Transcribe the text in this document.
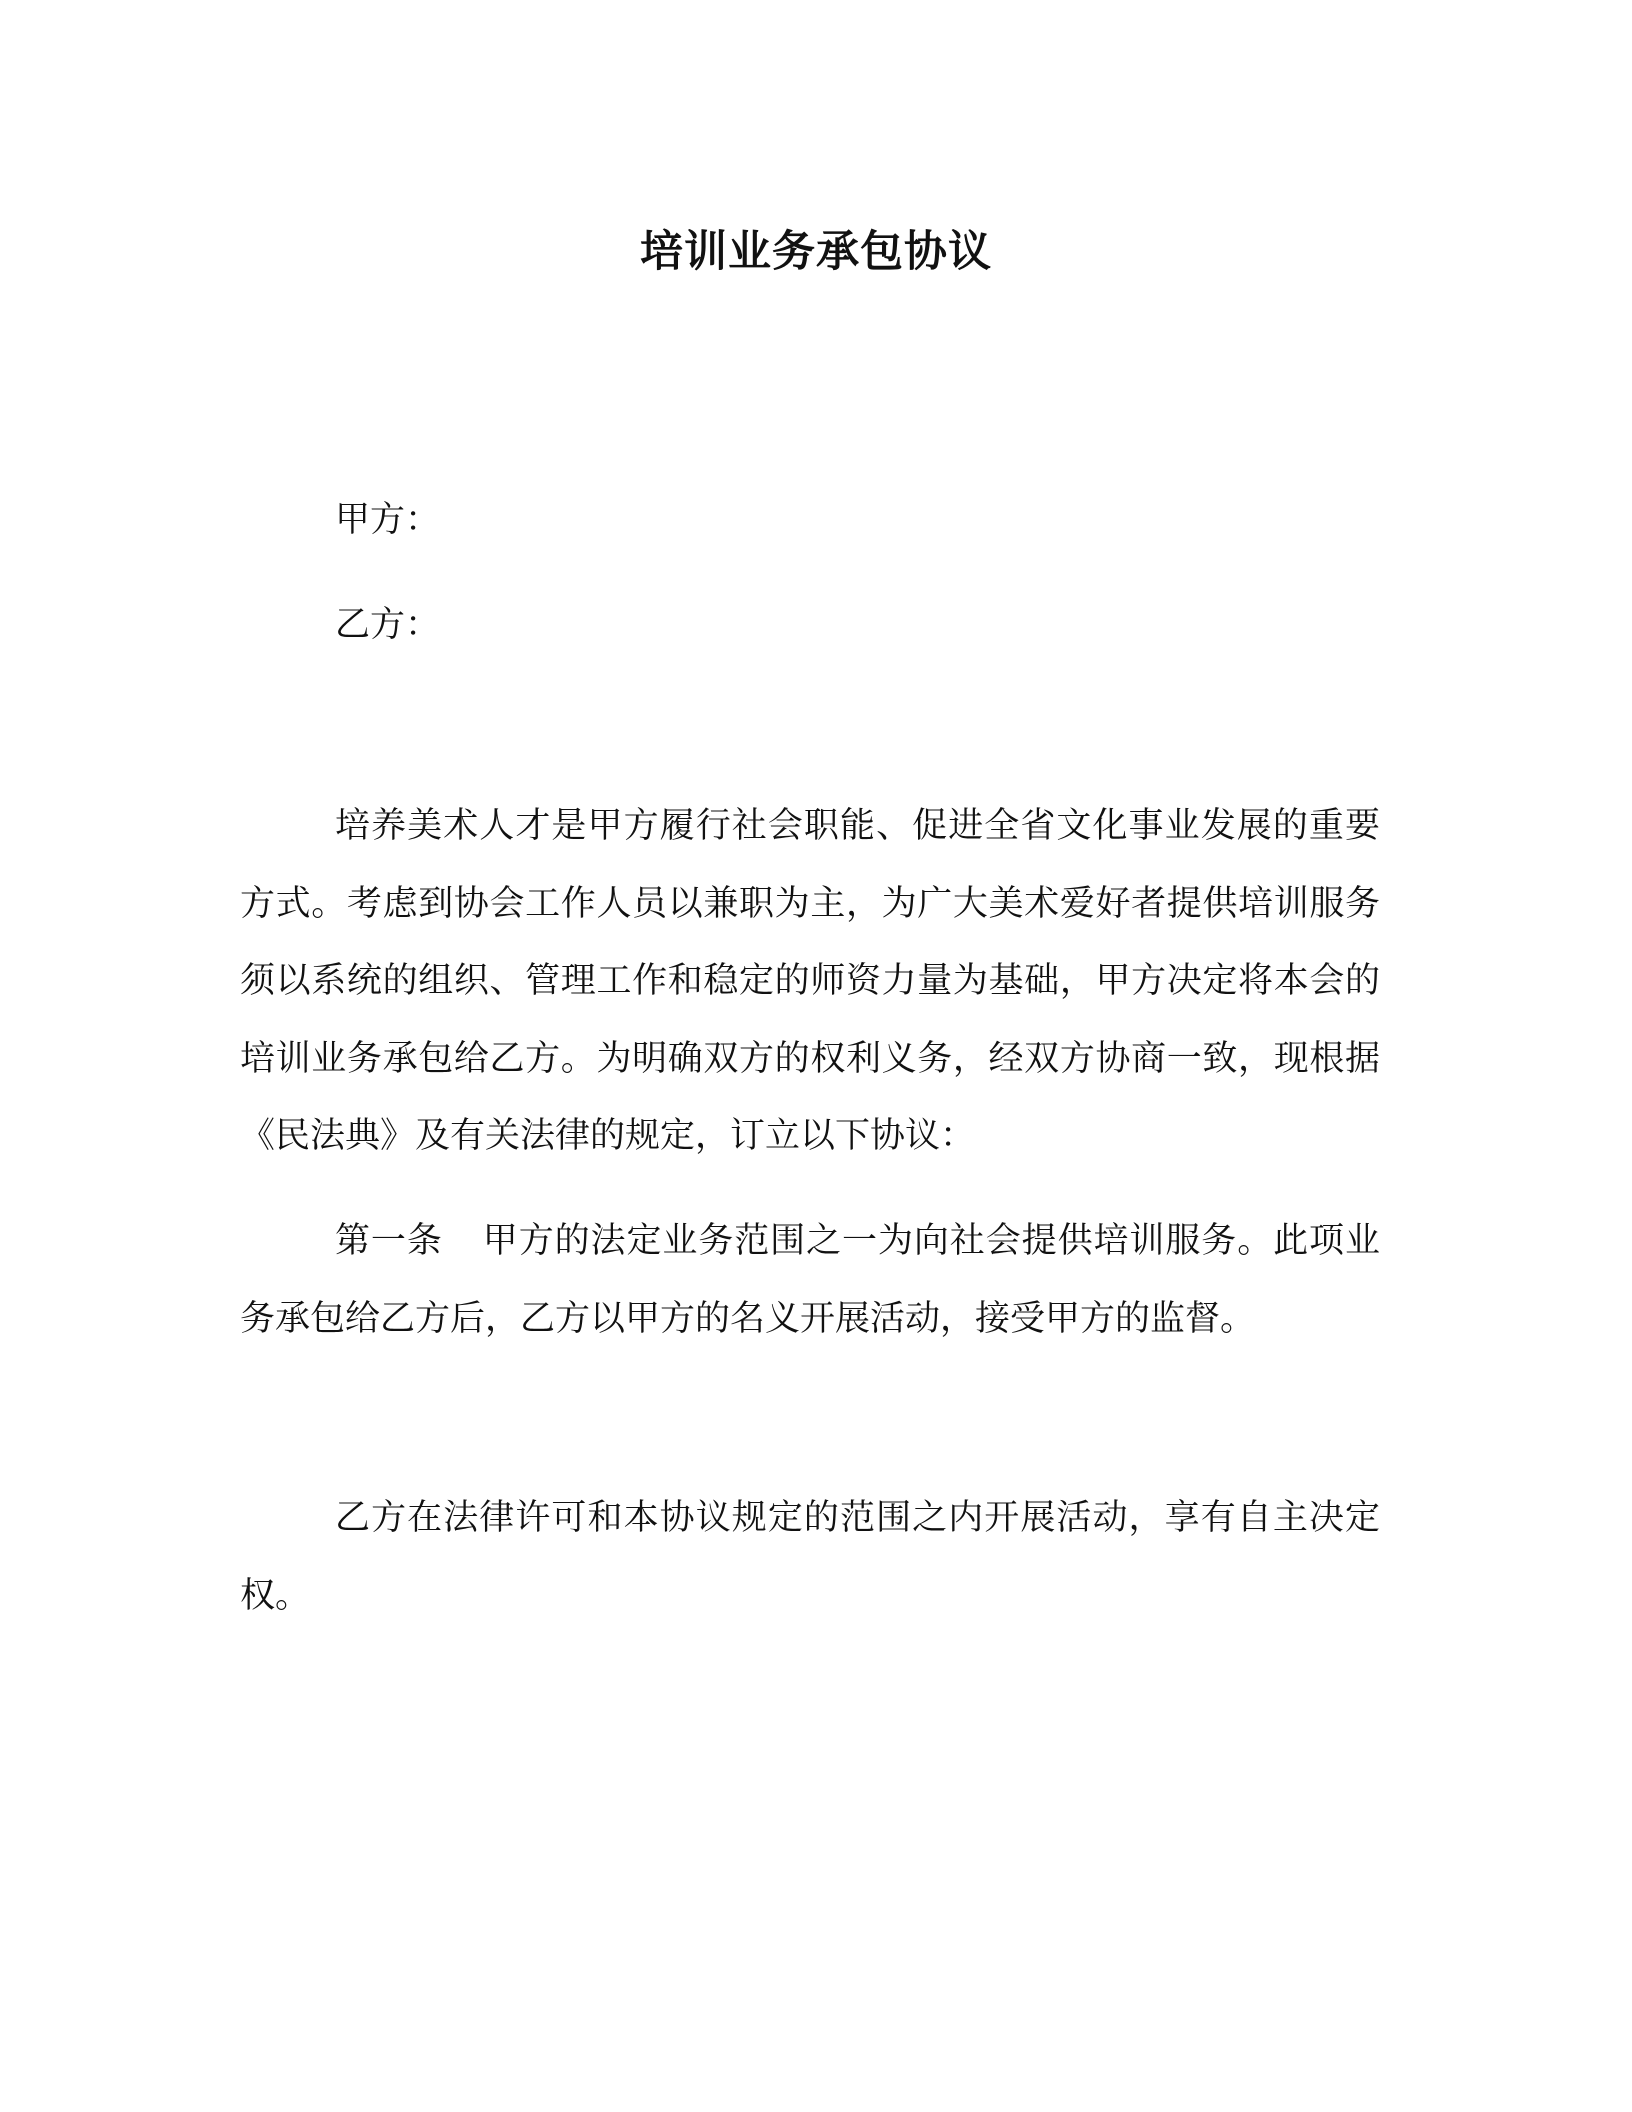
培训业务承包协议
甲方：
乙方：

培养美术人才是甲方履行社会职能、促进全省文化事业发展的重要方式。考虑到协会工作人员以兼职为主，为广大美术爱好者提供培训服务须以系统的组织、管理工作和稳定的师资力量为基础，甲方决定将本会的培训业务承包给乙方。为明确双方的权利义务，经双方协商一致，现根据《民法典》及有关法律的规定，订立以下协议：

第一条 甲方的法定业务范围之一为向社会提供培训服务。此项业务承包给乙方后，乙方以甲方的名义开展活动，接受甲方的监督。

乙方在法律许可和本协议规定的范围之内开展活动，享有自主决定权。
